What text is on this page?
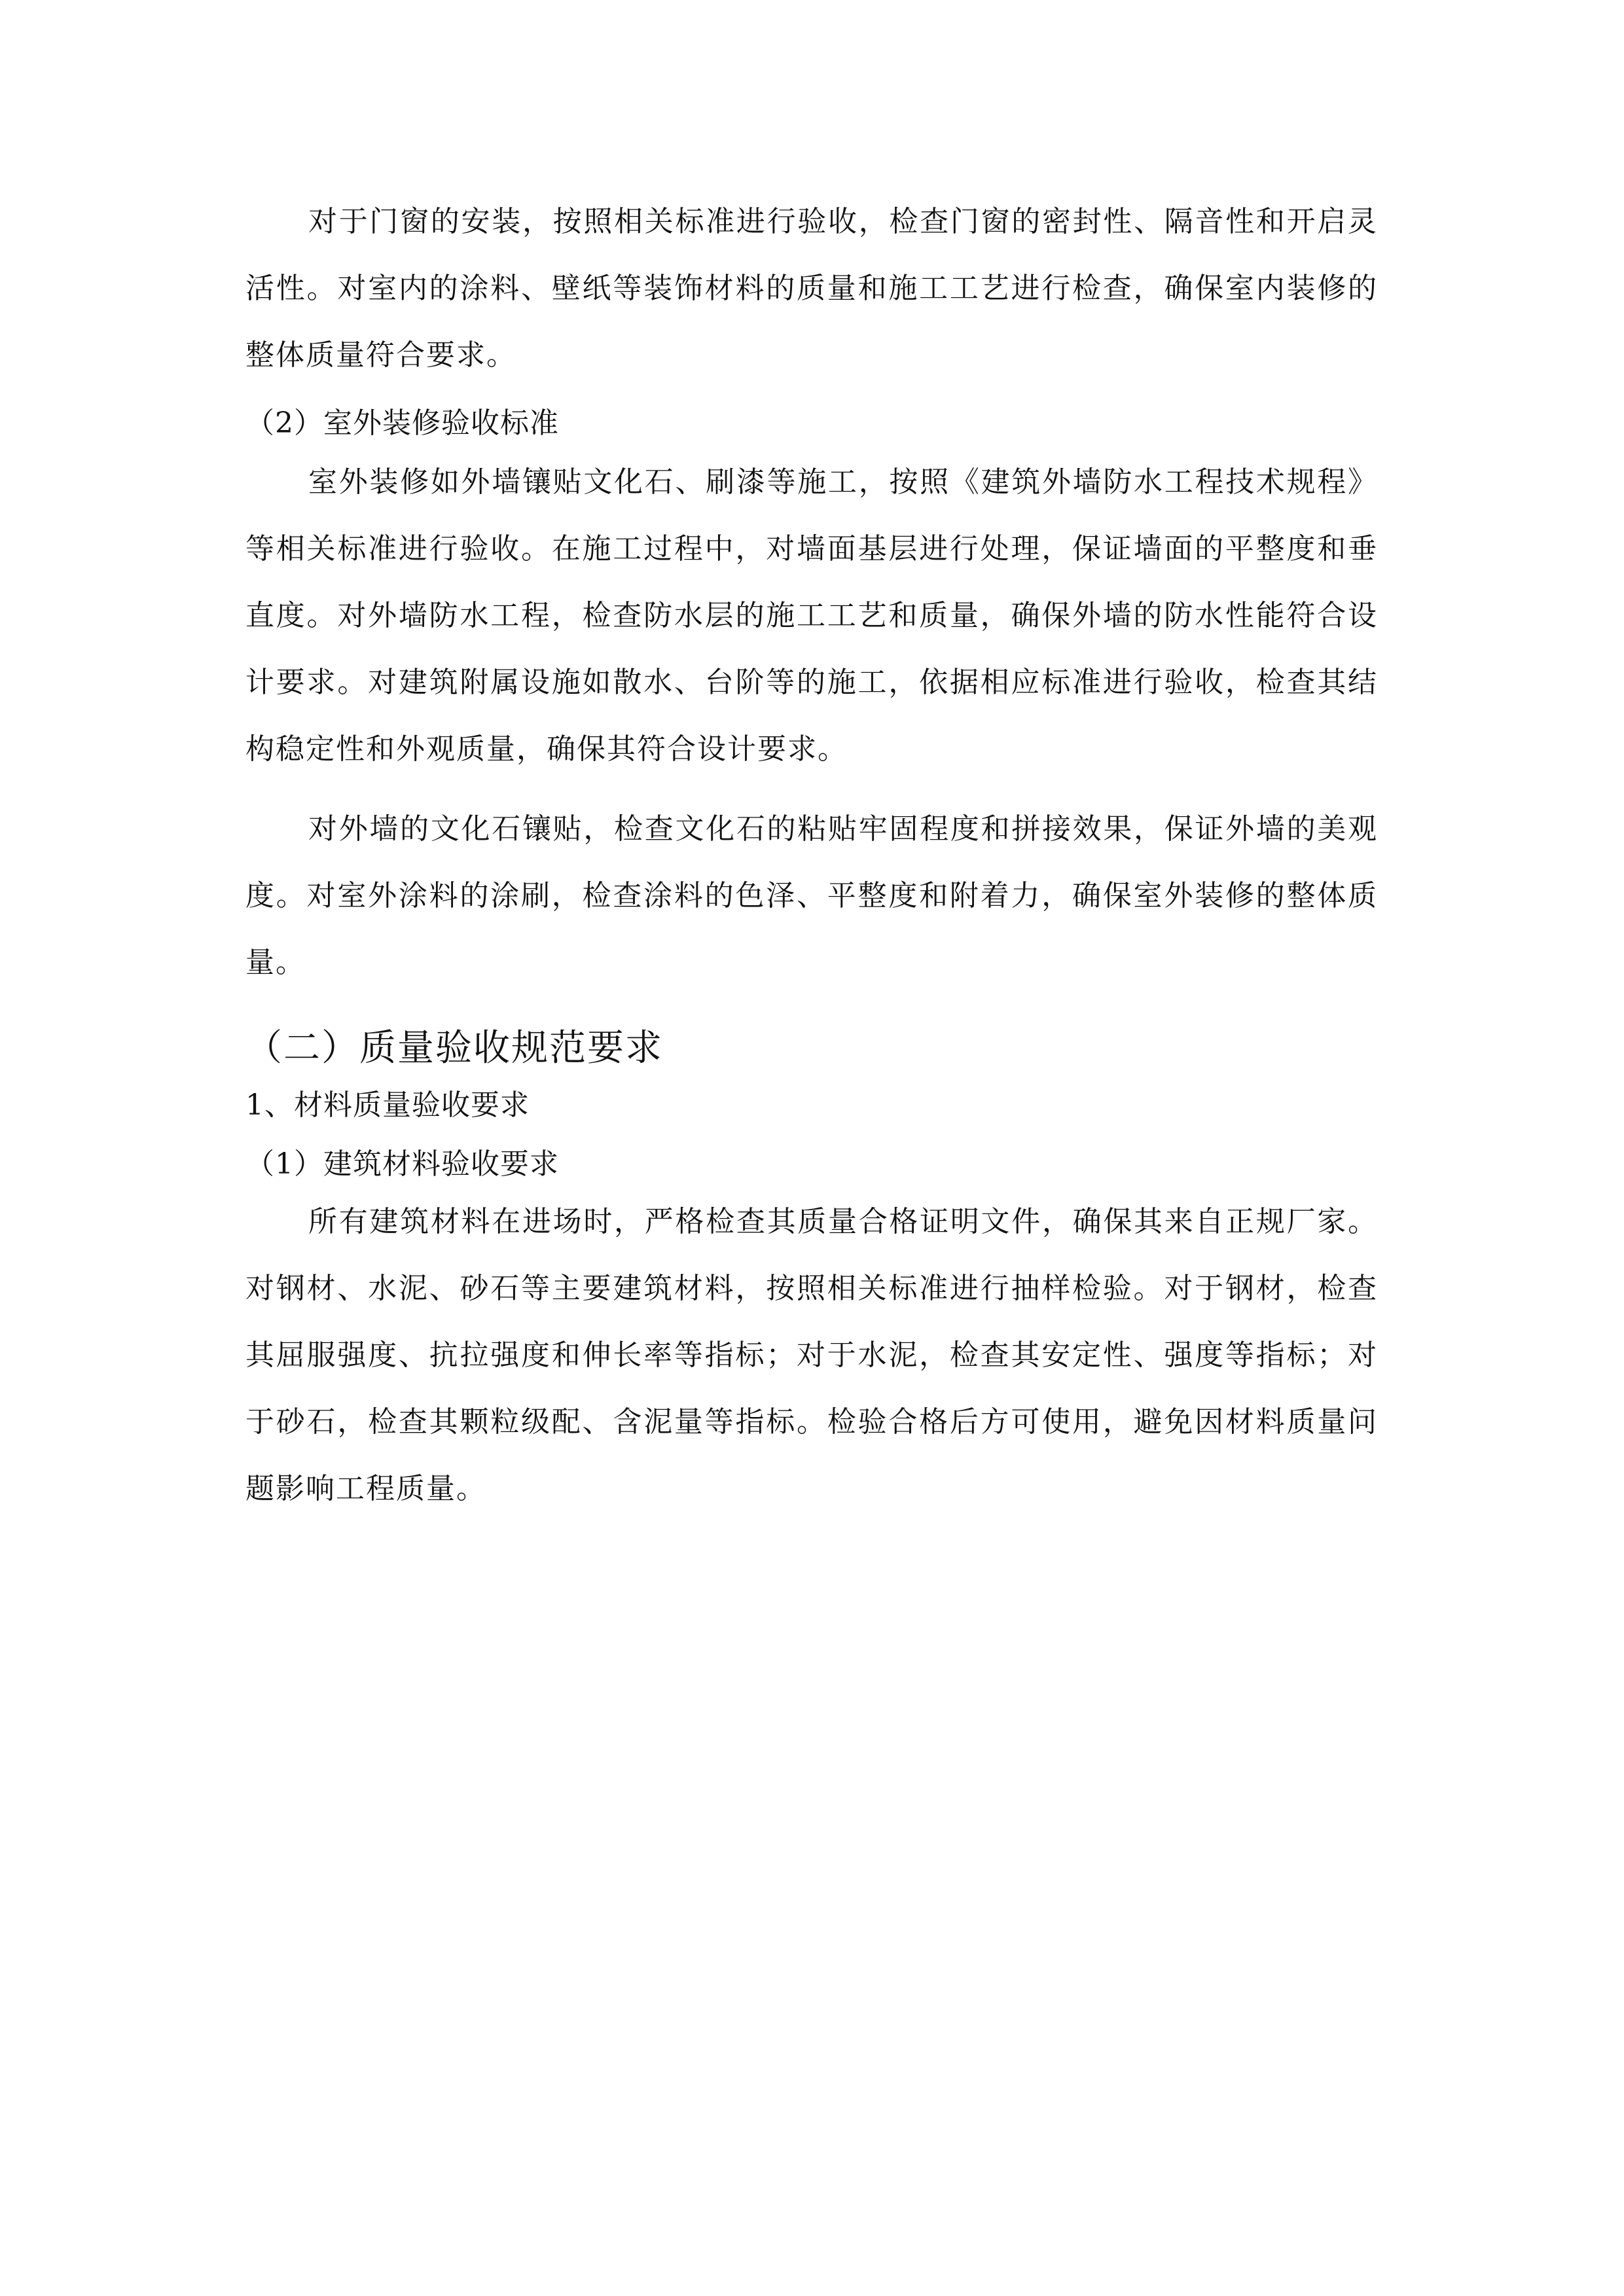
对于门窗的安装，按照相关标准进行验收，检查门窗的密封性、隔音性和开启灵活性。对室内的涂料、壁纸等装饰材料的质量和施工工艺进行检查，确保室内装修的整体质量符合要求。

（2）室外装修验收标准

室外装修如外墙镶贴文化石、刷漆等施工，按照《建筑外墙防水工程技术规程》等相关标准进行验收。在施工过程中，对墙面基层进行处理，保证墙面的平整度和垂直度。对外墙防水工程，检查防水层的施工工艺和质量，确保外墙的防水性能符合设计要求。对建筑附属设施如散水、台阶等的施工，依据相应标准进行验收，检查其结构稳定性和外观质量，确保其符合设计要求。

对外墙的文化石镶贴，检查文化石的粘贴牢固程度和拼接效果，保证外墙的美观度。对室外涂料的涂刷，检查涂料的色泽、平整度和附着力，确保室外装修的整体质量。

（二）质量验收规范要求

1、材料质量验收要求

（1）建筑材料验收要求

所有建筑材料在进场时，严格检查其质量合格证明文件，确保其来自正规厂家。对钢材、水泥、砂石等主要建筑材料，按照相关标准进行抽样检验。对于钢材，检查其屈服强度、抗拉强度和伸长率等指标；对于水泥，检查其安定性、强度等指标；对于砂石，检查其颗粒级配、含泥量等指标。检验合格后方可使用，避免因材料质量问题影响工程质量。
